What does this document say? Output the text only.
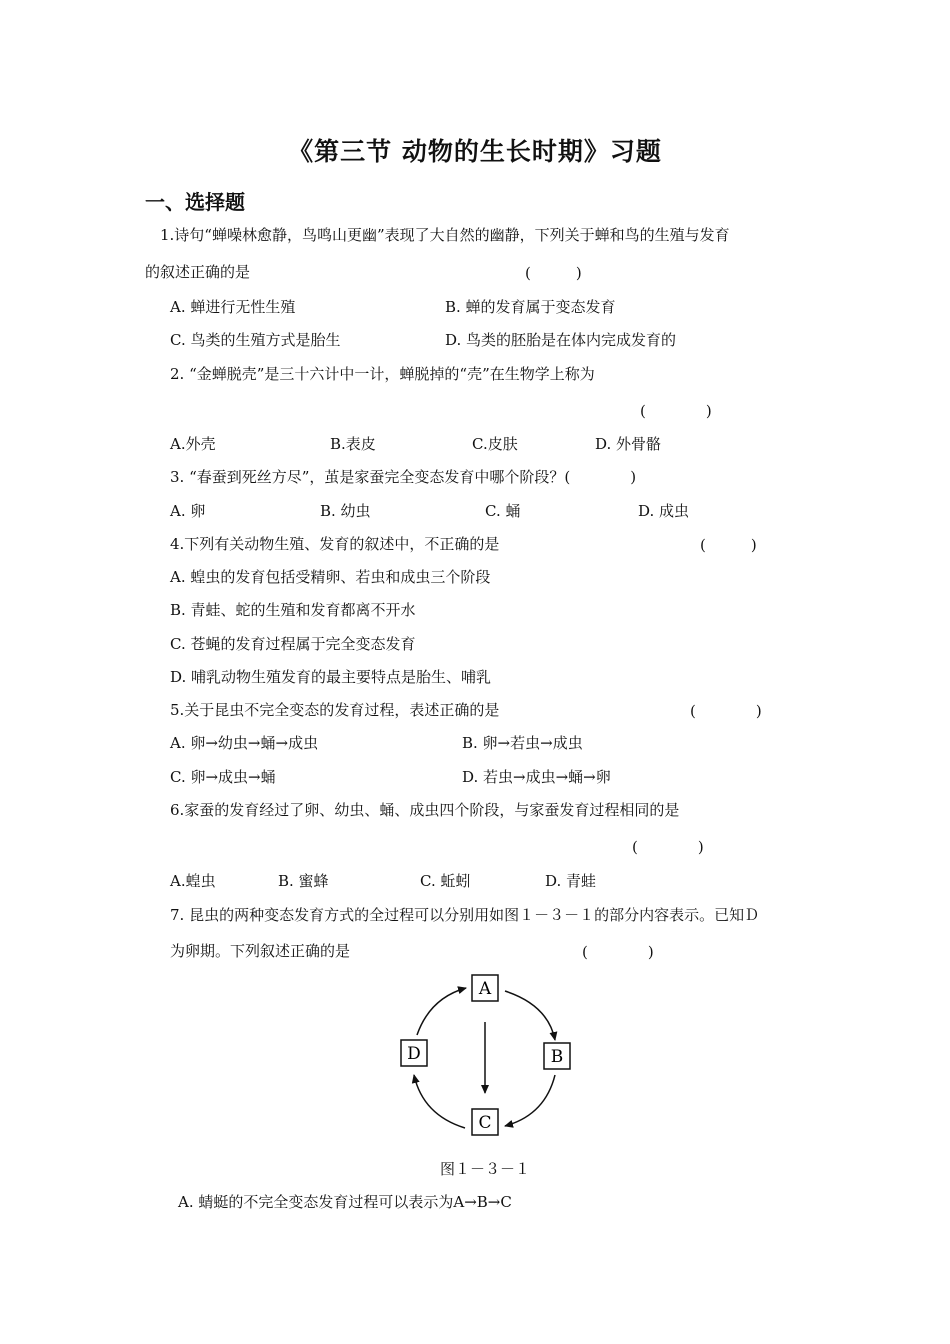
《第三节 动物的生长时期》习题
一、选择题
1.诗句“蝉噪林愈静，鸟鸣山更幽”表现了大自然的幽静，下列关于蝉和鸟的生殖与发育
的叙述正确的是	(　　　)
A. 蝉进行无性生殖	B. 蝉的发育属于变态发育
C. 鸟类的生殖方式是胎生	D. 鸟类的胚胎是在体内完成发育的
2. “金蝉脱壳”是三十六计中一计，蝉脱掉的“壳”在生物学上称为
(　　　　)
A.外壳	B.表皮	C.皮肤	D. 外骨骼
3. “春蚕到死丝方尽”，茧是家蚕完全变态发育中哪个阶段？(　　　　)
A. 卵	B. 幼虫	C. 蛹	D. 成虫
4.下列有关动物生殖、发育的叙述中，不正确的是	(　　　)
A. 蝗虫的发育包括受精卵、若虫和成虫三个阶段
B. 青蛙、蛇的生殖和发育都离不开水
C. 苍蝇的发育过程属于完全变态发育
D. 哺乳动物生殖发育的最主要特点是胎生、哺乳
5.关于昆虫不完全变态的发育过程，表述正确的是	(　　　　)
A. 卵→幼虫→蛹→成虫	B. 卵→若虫→成虫
C. 卵→成虫→蛹	D. 若虫→成虫→蛹→卵
6.家蚕的发育经过了卵、幼虫、蛹、成虫四个阶段，与家蚕发育过程相同的是
(　　　　)
A.蝗虫	B. 蜜蜂	C. 蚯蚓	D. 青蛙
7. 昆虫的两种变态发育方式的全过程可以分别用如图１－３－１的部分内容表示。已知Ｄ
为卵期。下列叙述正确的是	(　　　　)
A
B
C
D
图１－３－１
A. 蜻蜓的不完全变态发育过程可以表示为A→B→C
